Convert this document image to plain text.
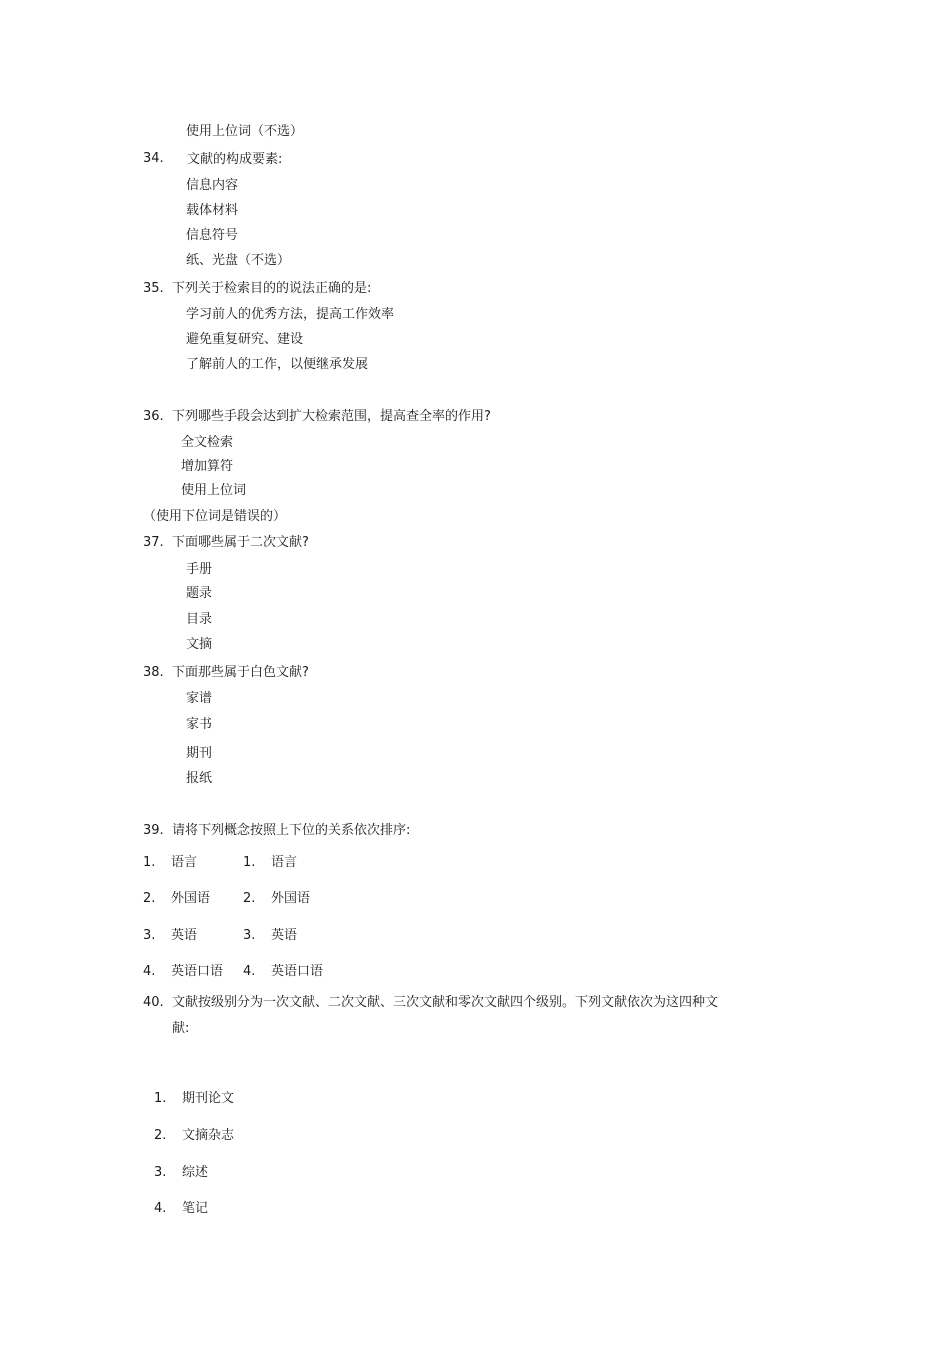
使用上位词（不选）
34. 文献的构成要素:
信息内容
载体材料
信息符号
纸、光盘（不选）
35. 下列关于检索目的的说法正确的是:
学习前人的优秀方法，提高工作效率
避免重复研究、建设
了解前人的工作，以便继承发展
36. 下列哪些手段会达到扩大检索范围，提高查全率的作用?
全文检索
增加算符
使用上位词
（使用下位词是错误的）
37. 下面哪些属于二次文献?
手册
题录
目录
文摘
38. 下面那些属于白色文献?
家谱
家书
期刊
报纸
39. 请将下列概念按照上下位的关系依次排序:
1. 语言	1. 语言
2. 外国语	2. 外国语
3. 英语	3. 英语
4. 英语口语 4. 英语口语
40. 文献按级别分为一次文献、二次文献、三次文献和零次文献四个级别。下列文献依次为这四种文
献:
1. 期刊论文
2. 文摘杂志
3. 综述
4. 笔记
